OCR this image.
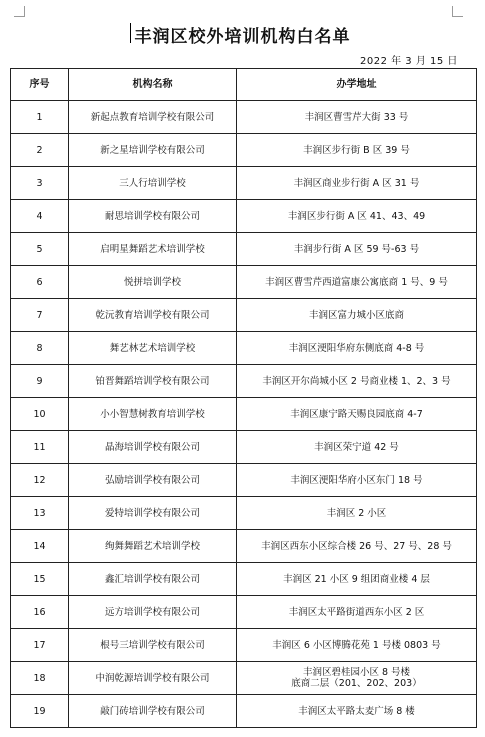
丰润区校外培训机构白名单
2022 年 3 月 15 日
序号	机构名称	办学地址
1	新起点教育培训学校有限公司	丰润区曹雪芹大街 33 号
2	新之星培训学校有限公司	丰润区步行街 B 区 39 号
3	三人行培训学校	丰润区商业步行街 A 区 31 号
4	耐思培训学校有限公司	丰润区步行街 A 区 41、43、49
5	启明星舞蹈艺术培训学校	丰润步行街 A 区 59 号-63 号
6	悦拼培训学校	丰润区曹雪芹西道富康公寓底商 1 号、9 号
7	乾沅教育培训学校有限公司	丰润区富力城小区底商
8	舞艺林艺术培训学校	丰润区浭阳华府东侧底商 4-8 号
9	铂晋舞蹈培训学校有限公司	丰润区开尔尚城小区 2 号商业楼 1、2、3 号
10	小小智慧树教育培训学校	丰润区康宁路天赐良园底商 4-7
11	晶海培训学校有限公司	丰润区荣宁道 42 号
12	弘励培训学校有限公司	丰润区浭阳华府小区东门 18 号
13	爱特培训学校有限公司	丰润区 2 小区
14	绚舞舞蹈艺术培训学校	丰润区西东小区综合楼 26 号、27 号、28 号
15	鑫汇培训学校有限公司	丰润区 21 小区 9 组团商业楼 4 层
16	远方培训学校有限公司	丰润区太平路街道西东小区 2 区
17	根号三培训学校有限公司	丰润区 6 小区博腾花苑 1 号楼 0803 号
18	中润乾源培训学校有限公司	丰润区碧桂园小区 8 号楼
底商二层（201、202、203）
19	敲门砖培训学校有限公司	丰润区太平路太麦广场 8 楼
